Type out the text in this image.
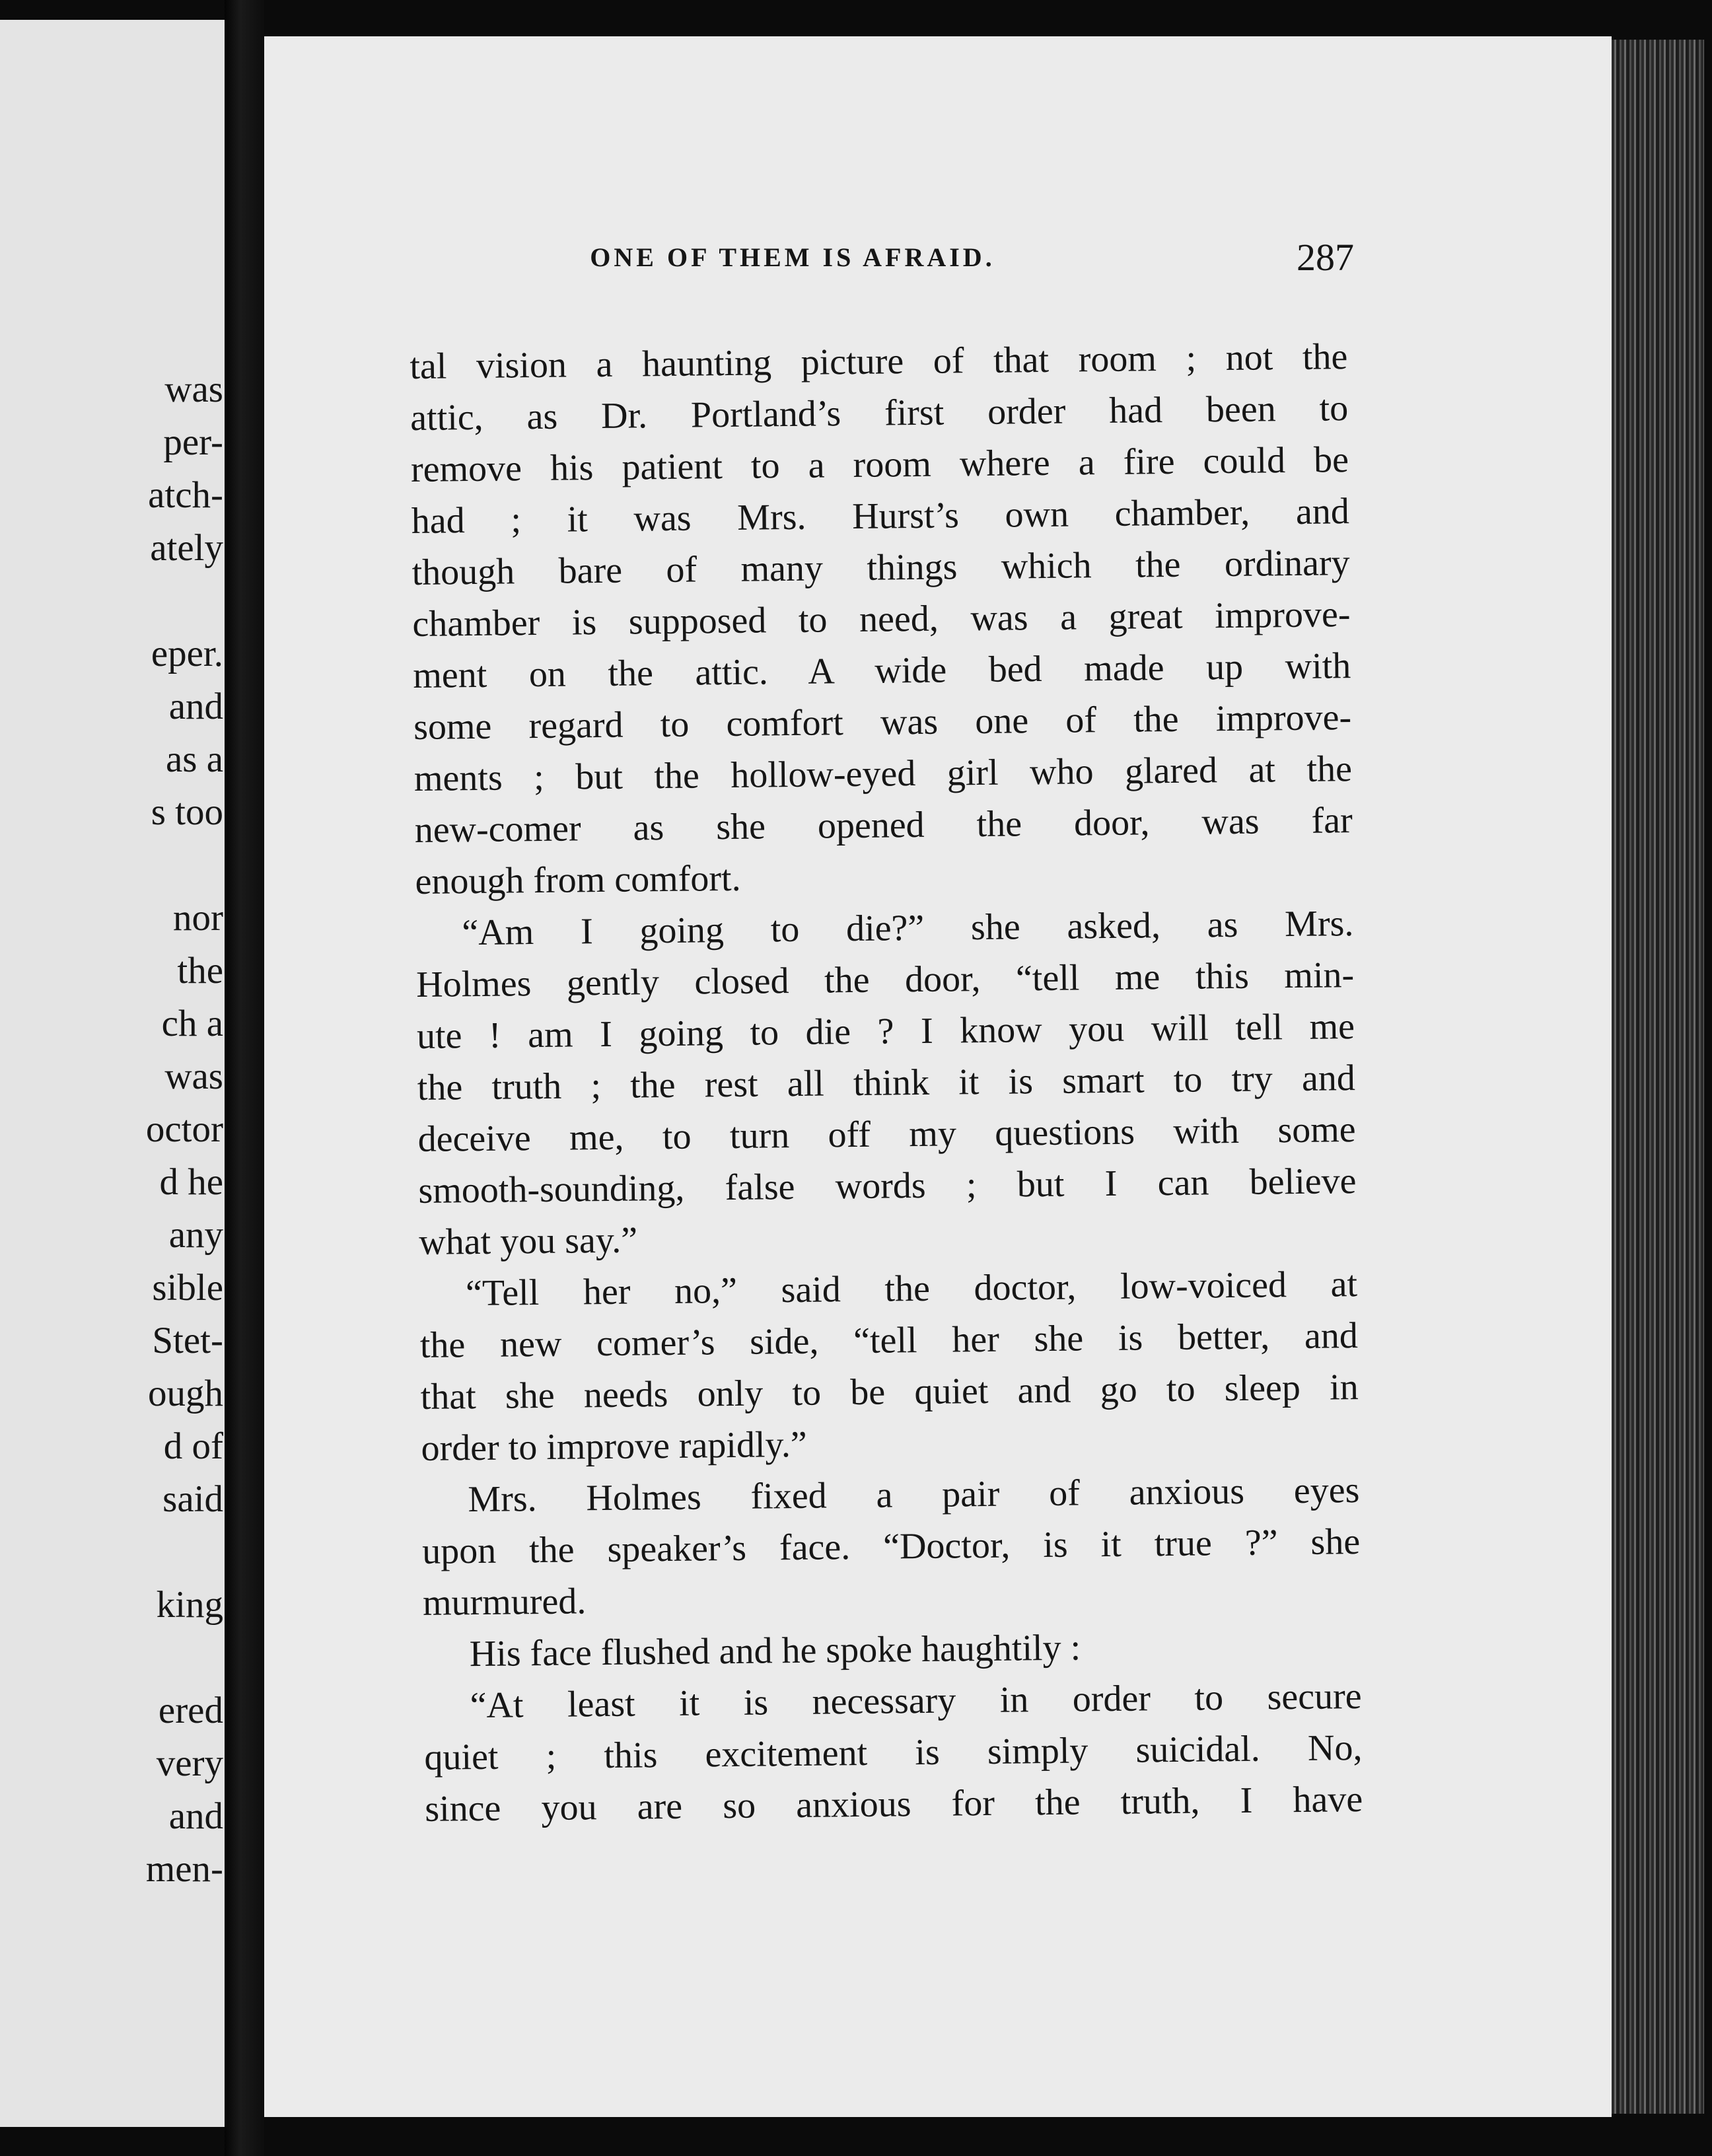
was
per-
atch-
ately
eper.
and
as a
s too
nor
the
ch a
was
octor
d he
any
sible
Stet-
ough
d of
said
king
ered
very
and
men-
ONE OF THEM IS AFRAID.	287
tal vision a haunting picture of that room ; not the
attic, as Dr. Portland’s first order had been to
remove his patient to a room where a fire could be
had ; it was Mrs. Hurst’s own chamber, and
though bare of many things which the ordinary
chamber is supposed to need, was a great improve-
ment on the attic. A wide bed made up with
some regard to comfort was one of the improve-
ments ; but the hollow-eyed girl who glared at the
new-comer as she opened the door, was far
enough from comfort.
“Am I going to die?” she asked, as Mrs.
Holmes gently closed the door, “tell me this min-
ute ! am I going to die ? I know you will tell me
the truth ; the rest all think it is smart to try and
deceive me, to turn off my questions with some
smooth-sounding, false words ; but I can believe
what you say.”
“Tell her no,” said the doctor, low-voiced at
the new comer’s side, “tell her she is better, and
that she needs only to be quiet and go to sleep in
order to improve rapidly.”
Mrs. Holmes fixed a pair of anxious eyes
upon the speaker’s face. “Doctor, is it true ?” she
murmured.
His face flushed and he spoke haughtily :
“At least it is necessary in order to secure
quiet ; this excitement is simply suicidal. No,
since you are so anxious for the truth, I have
